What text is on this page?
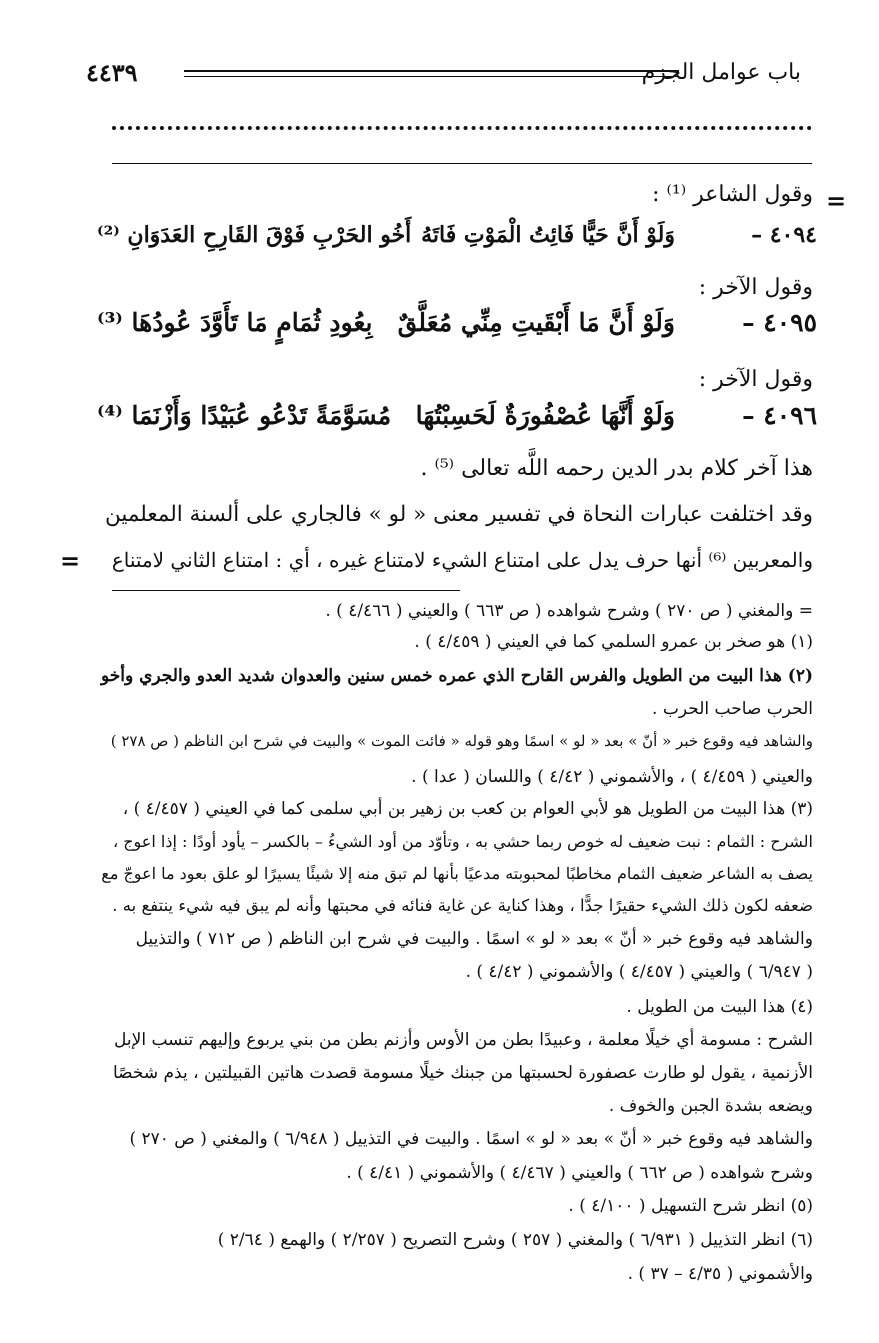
باب عوامل الجزم
٤٤٣٩
=
وقول الشاعر ⁽¹⁾ :
٤٠٩٤ –
وَلَوْ أَنَّ حَيًّا فَائِتُ الْمَوْتِ فَاتَهُ
أَخُو الحَرْبِ فَوْقَ القَارِحِ العَدَوَانِ ⁽²⁾
وقول الآخر :
٤٠٩٥ –
وَلَوْ أَنَّ مَا أَبْقَيتِ مِنِّي مُعَلَّقٌ
بِعُودِ ثُمَامٍ مَا تَأَوَّدَ عُودُهَا ⁽³⁾
وقول الآخر :
٤٠٩٦ –
وَلَوْ أَنَّهَا عُصْفُورَةٌ لَحَسِبْتُهَا
مُسَوَّمَةً تَدْعُو عُبَيْدًا وَأَزْنَمَا ⁽⁴⁾
هذا آخر كلام بدر الدين رحمه اللَّه تعالى ⁽⁵⁾ .
وقد اختلفت عبارات النحاة في تفسير معنى « لو » فالجاري على ألسنة المعلمين
والمعربين ⁽⁶⁾ أنها حرف يدل على امتناع الشيء لامتناع غيره ، أي : امتناع الثاني لامتناع
=
= والمغني ( ص ٢٧٠ ) وشرح شواهده ( ص ٦٦٣ ) والعيني ( ٤/٤٦٦ ) .
(١) هو صخر بن عمرو السلمي كما في العيني ( ٤/٤٥٩ ) .
(٢) هذا البيت من الطويل والفرس القارح الذي عمره خمس سنين والعدوان شديد العدو والجري وأخو
الحرب صاحب الحرب .
والشاهد فيه وقوع خبر « أنّ » بعد « لو » اسمًا وهو قوله « فائت الموت » والبيت في شرح ابن الناظم ( ص ٢٧٨ )
والعيني ( ٤/٤٥٩ ) ، والأشموني ( ٤/٤٢ ) واللسان ( عدا ) .
(٣) هذا البيت من الطويل هو لأبي العوام بن كعب بن زهير بن أبي سلمى كما في العيني ( ٤/٤٥٧ ) ،
الشرح : الثمام : نبت ضعيف له خوص ربما حشي به ، وتأوّد من أود الشيءُ – بالكسر – يأود أودًا : إذا اعوج ،
يصف به الشاعر ضعيف الثمام مخاطبًا لمحبوبته مدعيًا بأنها لم تبق منه إلا شيئًا يسيرًا لو علق بعود ما اعوجّ مع
ضعفه لكون ذلك الشيء حقيرًا جدًّا ، وهذا كناية عن غاية فنائه في محبتها وأنه لم يبق فيه شيء ينتفع به .
والشاهد فيه وقوع خبر « أنّ » بعد « لو » اسمًا . والبيت في شرح ابن الناظم ( ص ٧١٢ ) والتذييل
( ٦/٩٤٧ ) والعيني ( ٤/٤٥٧ ) والأشموني ( ٤/٤٢ ) .
(٤) هذا البيت من الطويل .
الشرح : مسومة أي خيلًا معلمة ، وعبيدًا بطن من الأوس وأزنم بطن من بني يربوع وإليهم تنسب الإبل
الأزنمية ، يقول لو طارت عصفورة لحسبتها من جبنك خيلًا مسومة قصدت هاتين القبيلتين ، يذم شخصًا
ويضعه بشدة الجبن والخوف .
والشاهد فيه وقوع خبر « أنّ » بعد « لو » اسمًا . والبيت في التذييل ( ٦/٩٤٨ ) والمغني ( ص ٢٧٠ )
وشرح شواهده ( ص ٦٦٢ ) والعيني ( ٤/٤٦٧ ) والأشموني ( ٤/٤١ ) .
(٥) انظر شرح التسهيل ( ٤/١٠٠ ) .
(٦) انظر التذييل ( ٦/٩٣١ ) والمغني ( ٢٥٧ ) وشرح التصريح ( ٢/٢٥٧ ) والهمع ( ٢/٦٤ )
والأشموني ( ٤/٣٥ – ٣٧ ) .
